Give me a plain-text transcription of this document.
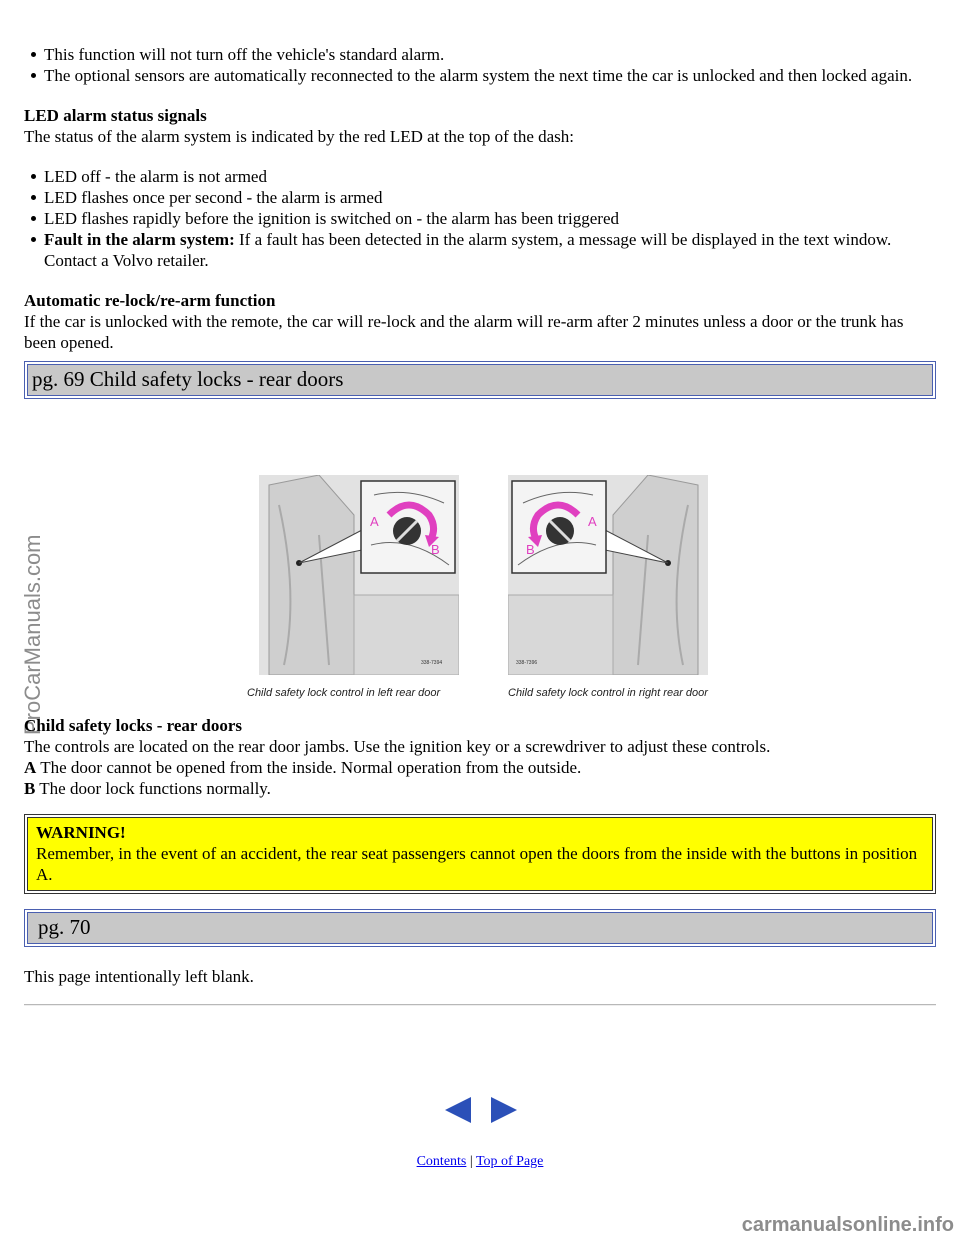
ProCarManuals.com
This function will not turn off the vehicle's standard alarm.
The optional sensors are automatically reconnected to the alarm system the next time the car is unlocked and then locked again.

LED alarm status signals

The status of the alarm system is indicated by the red LED at the top of the dash:

LED off - the alarm is not armed
LED flashes once per second - the alarm is armed
LED flashes rapidly before the ignition is switched on - the alarm has been triggered
Fault in the alarm system: If a fault has been detected in the alarm system, a message will be displayed in the text window. Contact a Volvo retailer.

Automatic re-lock/re-arm function

If the car is unlocked with the remote, the car will re-lock and the alarm will re-arm after 2 minutes unless a door or the trunk has been opened.

pg. 69 Child safety locks - rear doors
A
B
338-7394
Child safety lock control in left rear door
A
B
338-7396
Child safety lock control in right rear door

Child safety locks - rear doors

The controls are located on the rear door jambs. Use the ignition key or a screwdriver to adjust these controls.

A The door cannot be opened from the inside. Normal operation from the outside.

B The door lock functions normally.

WARNING!

Remember, in the event of an accident, the rear seat passengers cannot open the doors from the inside with the buttons in position A.

pg. 70

This page intentionally left blank.

Contents | Top of Page
carmanualsonline.info
